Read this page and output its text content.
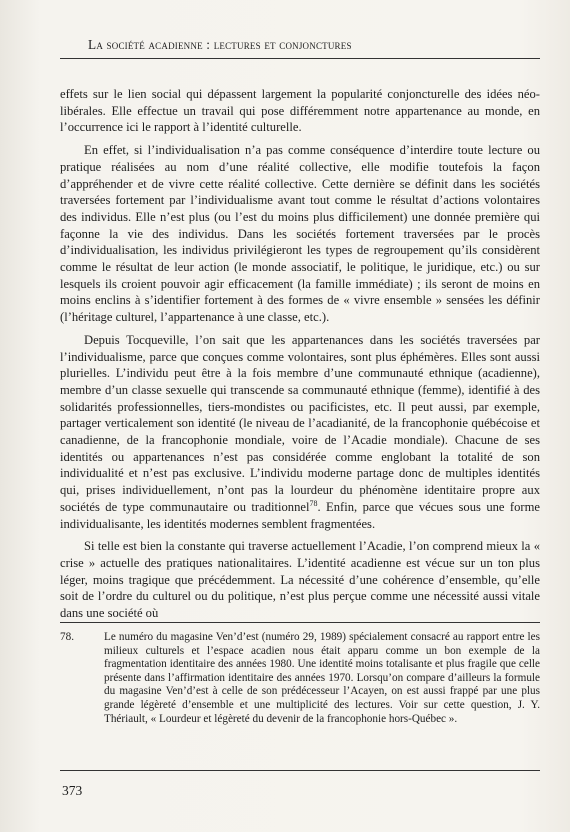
La société acadienne : lectures et conjonctures

effets sur le lien social qui dépassent largement la popularité conjoncturelle des idées néo-libérales. Elle effectue un travail qui pose différemment notre appartenance au monde, en l’occurrence ici le rapport à l’identité culturelle.

En effet, si l’individualisation n’a pas comme conséquence d’interdire toute lecture ou pratique réalisées au nom d’une réalité collective, elle modifie toutefois la façon d’appréhender et de vivre cette réalité collective. Cette dernière se définit dans les sociétés traversées fortement par l’individualisme avant tout comme le résultat d’actions volontaires des individus. Elle n’est plus (ou l’est du moins plus difficilement) une donnée première qui façonne la vie des individus. Dans les sociétés fortement traversées par le procès d’individualisation, les individus privilégieront les types de regroupement qu’ils considèrent comme le résultat de leur action (le monde associatif, le politique, le juridique, etc.) ou sur lesquels ils croient pouvoir agir efficacement (la famille immédiate) ; ils seront de moins en moins enclins à s’identifier fortement à des formes de « vivre ensemble » sensées les définir (l’héritage culturel, l’appartenance à une classe, etc.).

Depuis Tocqueville, l’on sait que les appartenances dans les sociétés traversées par l’individualisme, parce que conçues comme volontaires, sont plus éphémères. Elles sont aussi plurielles. L’individu peut être à la fois membre d’une communauté ethnique (acadienne), membre d’un classe sexuelle qui transcende sa communauté ethnique (femme), identifié à des solidarités professionnelles, tiers-mondistes ou pacificistes, etc. Il peut aussi, par exemple, partager verticalement son identité (le niveau de l’acadianité, de la francophonie québécoise et canadienne, de la francophonie mondiale, voire de l’Acadie mondiale). Chacune de ses identités ou appartenances n’est pas considérée comme englobant la totalité de son individualité et n’est pas exclusive. L’individu moderne partage donc de multiples identités qui, prises individuellement, n’ont pas la lourdeur du phénomène identitaire propre aux sociétés de type communautaire ou traditionnel$^{78}$. Enfin, parce que vécues sous une forme individualisante, les identités modernes semblent fragmentées.

Si telle est bien la constante qui traverse actuellement l’Acadie, l’on comprend mieux la « crise » actuelle des pratiques nationalitaires. L’identité acadienne est vécue sur un ton plus léger, moins tragique que précédemment. La nécessité d’une cohérence d’ensemble, qu’elle soit de l’ordre du culturel ou du politique, n’est plus perçue comme une nécessité aussi vitale dans une société où

78.	Le numéro du magasine Ven’d’est (numéro 29, 1989) spécialement consacré au rapport entre les milieux culturels et l’espace acadien nous était apparu comme un bon exemple de la fragmentation identitaire des années 1980. Une identité moins totalisante et plus fragile que celle présente dans l’affirmation identitaire des années 1970. Lorsqu’on compare d’ailleurs la formule du magasine Ven’d’est à celle de son prédécesseur l’Acayen, on est aussi frappé par une plus grande légèreté d’ensemble et une multiplicité des lectures. Voir sur cette question, J. Y. Thériault, « Lourdeur et légèreté du devenir de la francophonie hors-Québec ».
373
